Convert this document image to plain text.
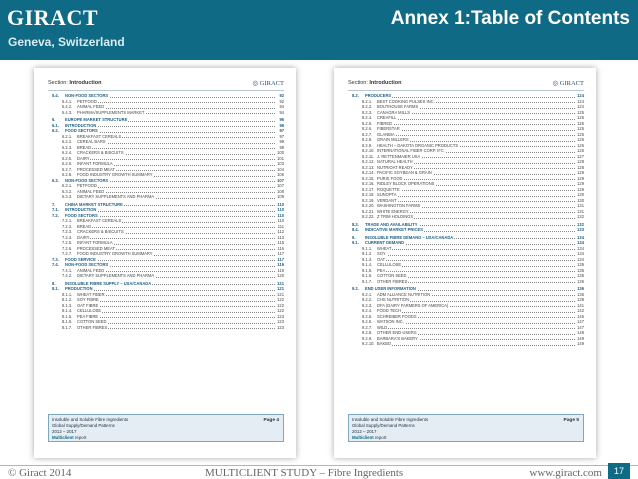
GIRACT
Geneva, Switzerland
Annex 1:Table of Contents
Section: Introduction	◎ GIRACT
5.4. NON-FOOD SECTORS	92
5.4.1. PETFOOD	92
5.4.2. ANIMAL FEED	94
5.4.3. PHARMA/SUPPLEMENTS MARKET	94
6. EUROPE MARKET STRUCTURE	96
6.1. INTRODUCTION	96
6.2. FOOD SECTORS	97
6.2.1. BREAKFAST CEREALS	97
6.2.2. CEREAL BARS	99
6.2.3. BREAD	99
6.2.4. CRACKERS & BISCUITS	100
6.2.5. DAIRY	101
6.2.6. INFANT FORMULA	103
6.2.7. PROCESSED MEAT	104
6.2.8. FOOD INDUSTRY GROWTH SUMMARY	106
6.3. NON-FOOD SECTORS	107
6.3.1. PETFOOD	107
6.3.2. ANIMAL FEED	108
6.3.3. DIETARY SUPPLEMENTS AND PHARMA	109
7. CHINA MARKET STRUCTURE	110
7.1. INTRODUCTION	110
7.2. FOOD SECTORS	110
7.2.1. BREAKFAST CEREALS	110
7.2.2. BREAD	111
7.2.3. CRACKERS & BISCUITS	112
7.2.4. DAIRY	113
7.2.5. INFANT FORMULA	115
7.2.6. PROCESSED MEAT	116
7.2.7. FOOD INDUSTRY GROWTH SUMMARY	117
7.3. FOOD SERVICE	117
7.4. NON-FOOD SECTORS	119
7.4.1. ANIMAL FEED	119
7.4.2. DIETARY SUPPLEMENTS AND PHARMA	120
8. INSOLUBLE FIBRE SUPPLY – USA/CANADA	121
8.1. PRODUCTION	121
8.1.1. WHEAT FIBER	121
8.1.2. SOY FIBRE	122
8.1.3. OAT FIBRE	122
8.1.4. CELLULOSE	122
8.1.5. PEA FIBRE	123
8.1.6. COTTON SEED	123
8.1.7. OTHER FIBRES	123
Insoluble and Soluble Fibre Ingredients
Global Supply/Demand Patterns
2012 – 2017
Multiclient report
Page 4
Section: Introduction	◎ GIRACT
8.2. PRODUCERS	124
8.2.1. BEST COOKING PULSES INC.	124
8.2.2. BOUTHOUSE FARMS	124
8.2.3. CANAGRA MILLS	125
8.2.4. CREAFILL	125
8.2.5. FIBRED	125
8.2.6. FIBERSTAR	125
8.2.7. GLANBIA	125
8.2.8. GRAIN MILLERS	126
8.2.9. HEALTH – DAKOTA ORGANIC PRODUCTS	126
8.2.10. INTERNATIONAL FIBER CORP. IFC	126
8.2.11. J. RETTENMAIER USA	127
8.2.12. NATURAL HEALTH	128
8.2.13. NUTRIOAT READY	128
8.2.14. PACIFIC SOYBEAN & GRAIN	129
8.2.15. PURIS FOOD	129
8.2.16. RIDLEY BLOCK OPERATIONS	129
8.2.17. ROQUETTE	129
8.2.18. SUNOPTA	130
8.2.19. VERDANT	130
8.2.20. WASHINGTON FARMS	131
8.2.21. WHITE ENERGY	131
8.2.22. Z TRIM HOLDINGS	132
8.3. TRADE AND AVAILABILITY	132
8.4. INDICATIVE MARKET PRICES	133
9. INSOLUBLE FIBRE DEMAND – USA/CANADA	134
9.1. CURRENT DEMAND	134
9.1.1. WHEAT	134
9.1.2. SOY	134
9.1.3. OAT	134
9.1.4. CELLULOSE	135
9.1.5. PEA	135
9.1.6. COTTON SEED	135
9.1.7. OTHER FIBRES	135
9.2. END USER INFORMATION	136
9.2.1. ADM ALLIANCE NUTRITION	136
9.2.2. CHS NUTRITION	138
9.2.3. DFA (DAIRY FARMERS OF AMERICA)	141
9.2.4. FOOD TECH	142
9.2.5. SCHREIBER FOODS	145
9.2.6. WATSON INC.	147
9.2.7. WILD	147
9.2.8. OTHER END-USERS	148
9.2.9. BARBARA'S BAKERY	149
9.2.10. BAKBO	149
Insoluble and Soluble Fibre Ingredients
Global Supply/Demand Patterns
2012 – 2017
Multiclient report
Page 5
© Giract 2014	MULTICLIENT STUDY – Fibre Ingredients	www.giract.com	17
